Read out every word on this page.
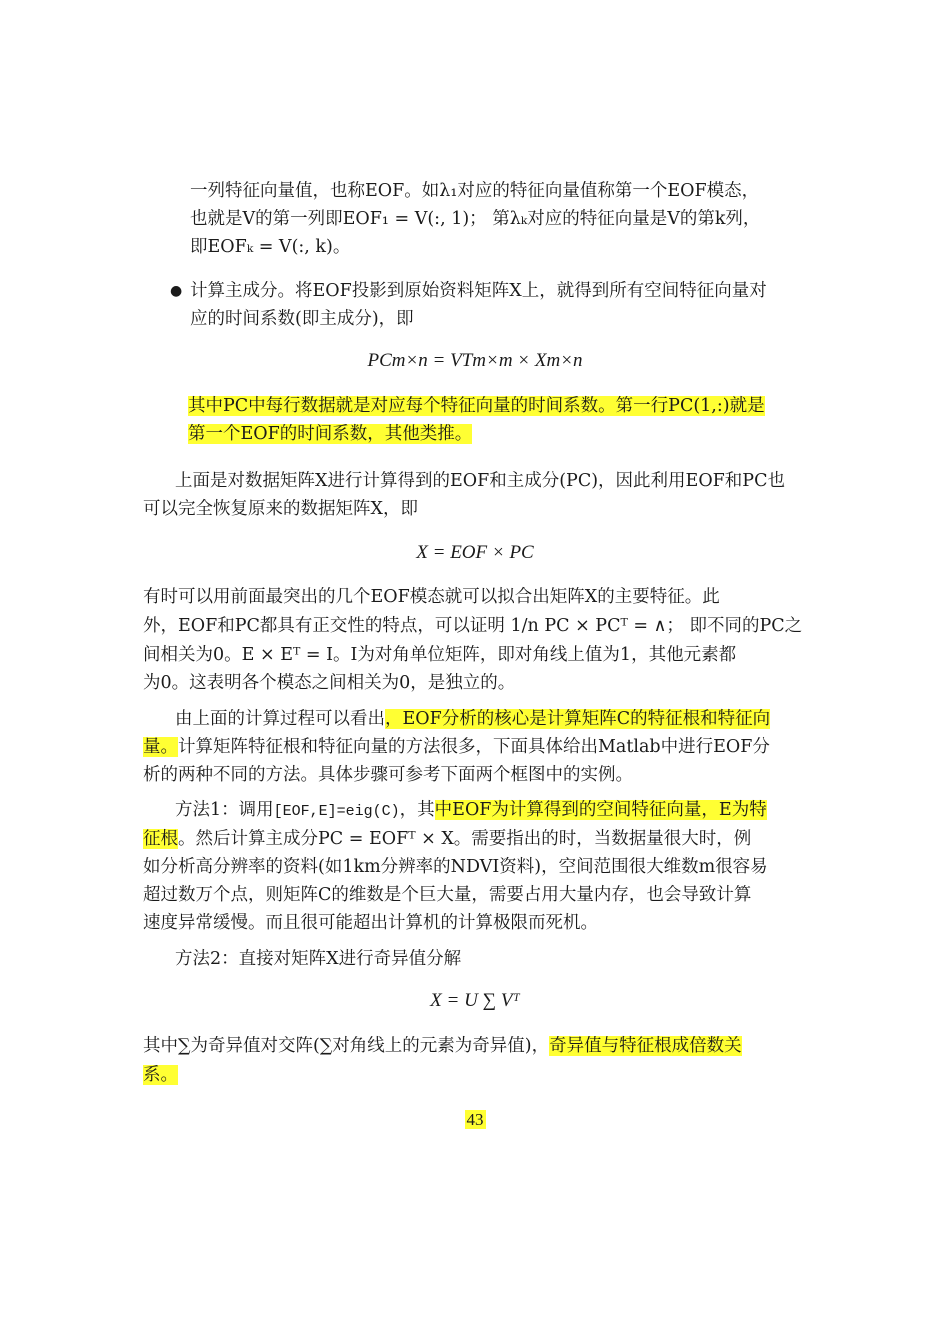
一列特征向量值，也称EOF。如λ₁对应的特征向量值称第一个EOF模态，
也就是V的第一列即EOF₁ = V(:, 1)； 第λₖ对应的特征向量是V的第k列，
即EOFₖ = V(:, k)。
● 计算主成分。将EOF投影到原始资料矩阵X上，就得到所有空间特征向量对
应的时间系数(即主成分)，即
PCm×n = VTm×m × Xm×n
其中PC中每行数据就是对应每个特征向量的时间系数。第一行PC(1,:)就是
第一个EOF的时间系数，其他类推。
上面是对数据矩阵X进行计算得到的EOF和主成分(PC)，因此利用EOF和PC也
可以完全恢复原来的数据矩阵X，即
X = EOF × PC
有时可以用前面最突出的几个EOF模态就可以拟合出矩阵X的主要特征。此
外，EOF和PC都具有正交性的特点，可以证明 1/n PC × PCᵀ = ∧； 即不同的PC之
间相关为0。E × Eᵀ = I。I为对角单位矩阵，即对角线上值为1，其他元素都
为0。这表明各个模态之间相关为0，是独立的。
由上面的计算过程可以看出，EOF分析的核心是计算矩阵C的特征根和特征向
量。计算矩阵特征根和特征向量的方法很多，下面具体给出Matlab中进行EOF分
析的两种不同的方法。具体步骤可参考下面两个框图中的实例。
方法1：调用[EOF,E]=eig(C)，其中EOF为计算得到的空间特征向量，E为特
征根。然后计算主成分PC = EOFᵀ × X。需要指出的时，当数据量很大时，例
如分析高分辨率的资料(如1km分辨率的NDVI资料)，空间范围很大维数m很容易
超过数万个点，则矩阵C的维数是个巨大量，需要占用大量内存，也会导致计算
速度异常缓慢。而且很可能超出计算机的计算极限而死机。
方法2：直接对矩阵X进行奇异值分解
X = U ∑ Vᵀ
其中∑为奇异值对交阵(∑对角线上的元素为奇异值)，奇异值与特征根成倍数关
系。
43
